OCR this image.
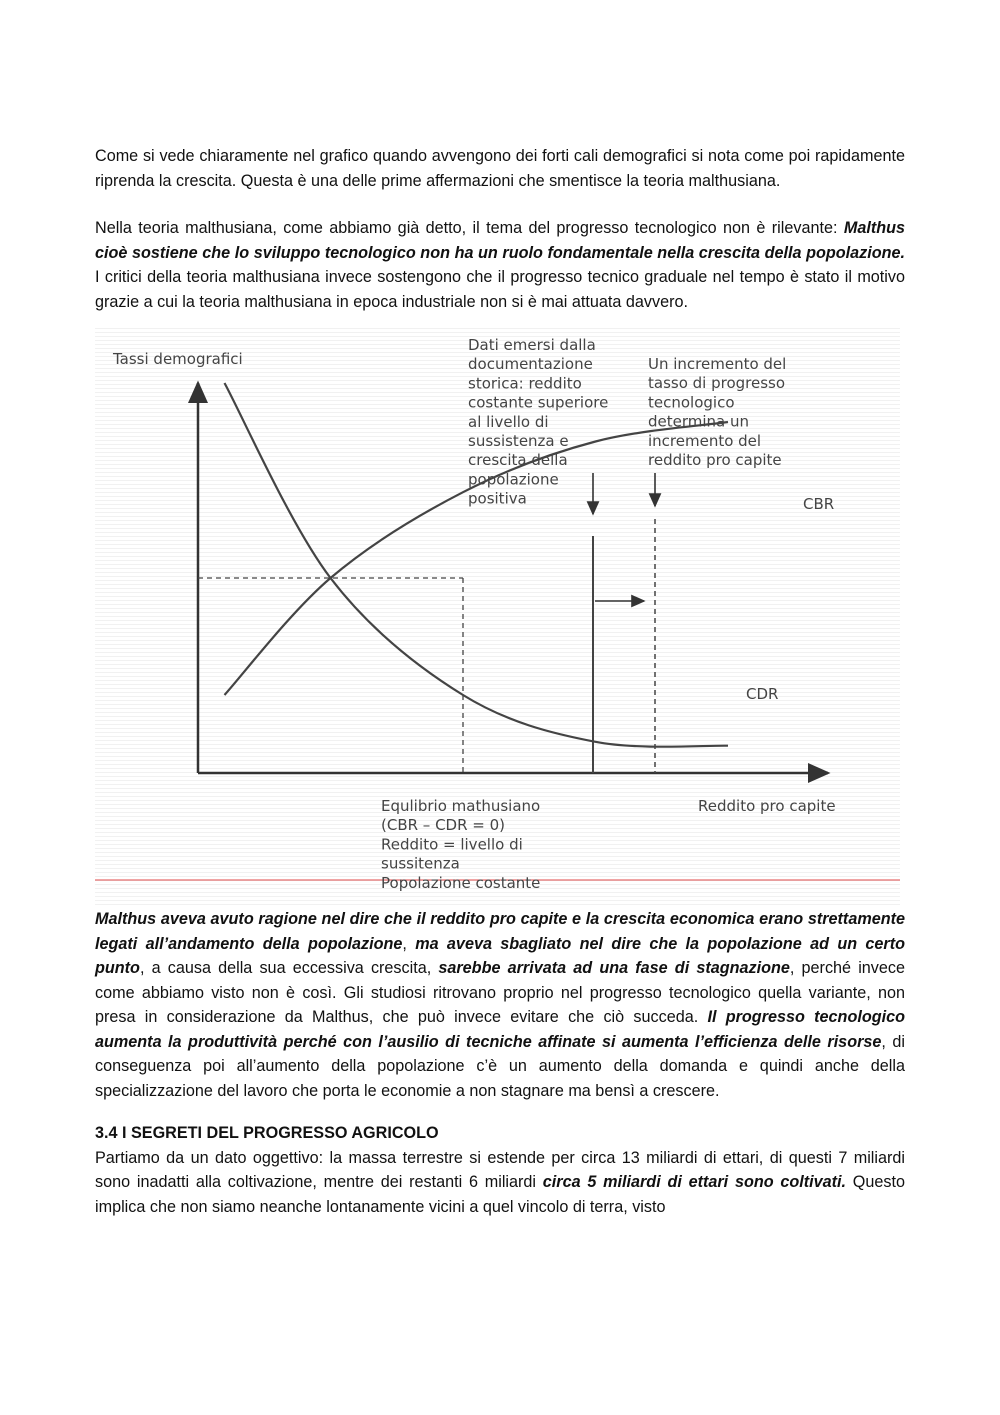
Come si vede chiaramente nel grafico quando avvengono dei forti cali demografici si nota come poi rapidamente riprenda la crescita. Questa è una delle prime affermazioni che smentisce la teoria malthusiana.

Nella teoria malthusiana, come abbiamo già detto, il tema del progresso tecnologico non è rilevante: Malthus cioè sostiene che lo sviluppo tecnologico non ha un ruolo fondamentale nella crescita della popolazione. I critici della teoria malthusiana invece sostengono che il progresso tecnico graduale nel tempo è stato il motivo grazie a cui la teoria malthusiana in epoca industriale non si è mai attuata davvero.

Tassi demografici
Reddito pro capite
CBR
CDR
Dati emersi dalla
documentazione
storica: reddito
costante superiore
al livello di
sussistenza e
crescita della
popolazione
positiva
Un incremento del
tasso di progresso
tecnologico
determina un
incremento del
reddito pro capite
Equlibrio mathusiano
(CBR – CDR = 0)
Reddito = livello di
sussitenza
Popolazione costante

Malthus aveva avuto ragione nel dire che il reddito pro capite e la crescita economica erano strettamente legati all’andamento della popolazione, ma aveva sbagliato nel dire che la popolazione ad un certo punto, a causa della sua eccessiva crescita, sarebbe arrivata ad una fase di stagnazione, perché invece come abbiamo visto non è così. Gli studiosi ritrovano proprio nel progresso tecnologico quella variante, non presa in considerazione da Malthus, che può invece evitare che ciò succeda. Il progresso tecnologico aumenta la produttività perché con l’ausilio di tecniche affinate si aumenta l’efficienza delle risorse, di conseguenza poi all’aumento della popolazione c’è un aumento della domanda e quindi anche della specializzazione del lavoro che porta le economie a non stagnare ma bensì a crescere.

3.4 I SEGRETI DEL PROGRESSO AGRICOLO

Partiamo da un dato oggettivo: la massa terrestre si estende per circa 13 miliardi di ettari, di questi 7 miliardi sono inadatti alla coltivazione, mentre dei restanti 6 miliardi circa 5 miliardi di ettari sono coltivati. Questo implica che non siamo neanche lontanamente vicini a quel vincolo di terra, visto
